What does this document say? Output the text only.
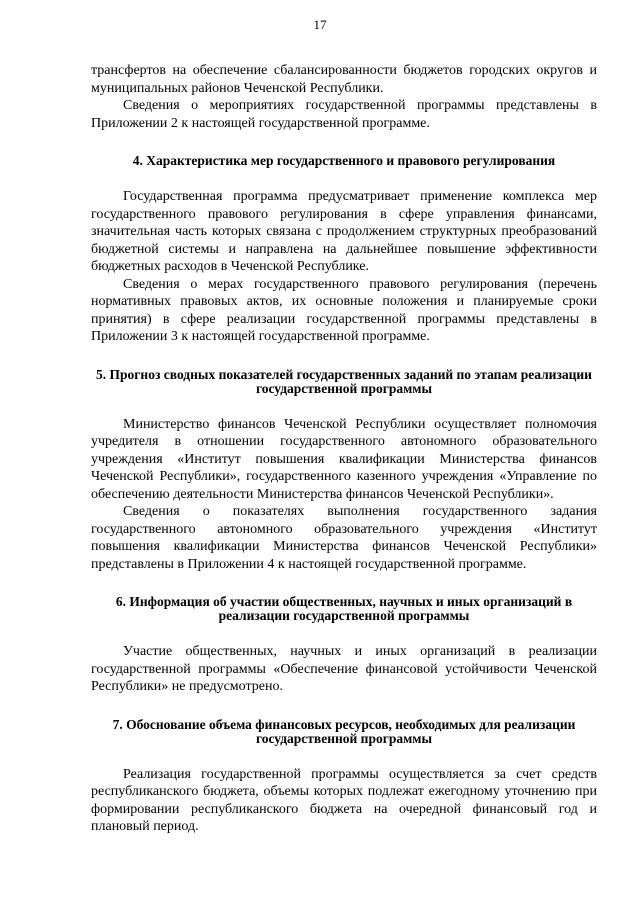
17

трансфертов на обеспечение сбалансированности бюджетов городских округов и муниципальных районов Чеченской Республики.

Сведения о мероприятиях государственной программы представлены в Приложении 2 к настоящей государственной программе.

4. Характеристика мер государственного и правового регулирования

Государственная программа предусматривает применение комплекса мер государственного правового регулирования в сфере управления финансами, значительная часть которых связана с продолжением структурных преобразований бюджетной системы и направлена на дальнейшее повышение эффективности бюджетных расходов в Чеченской Республике.

Сведения о мерах государственного правового регулирования (перечень нормативных правовых актов, их основные положения и планируемые сроки принятия) в сфере реализации государственной программы представлены в Приложении 3 к настоящей государственной программе.

5. Прогноз сводных показателей государственных заданий по этапам реализации государственной программы

Министерство финансов Чеченской Республики осуществляет полномочия учредителя в отношении государственного автономного образовательного учреждения «Институт повышения квалификации Министерства финансов Чеченской Республики», государственного казенного учреждения «Управление по обеспечению деятельности Министерства финансов Чеченской Республики».

Сведения о показателях выполнения государственного задания государственного автономного образовательного учреждения «Институт повышения квалификации Министерства финансов Чеченской Республики» представлены в Приложении 4 к настоящей государственной программе.

6. Информация об участии общественных, научных и иных организаций в реализации государственной программы

Участие общественных, научных и иных организаций в реализации государственной программы «Обеспечение финансовой устойчивости Чеченской Республики» не предусмотрено.

7. Обоснование объема финансовых ресурсов, необходимых для реализации государственной программы

Реализация государственной программы осуществляется за счет средств республиканского бюджета, объемы которых подлежат ежегодному уточнению при формировании республиканского бюджета на очередной финансовый год и плановый период.
